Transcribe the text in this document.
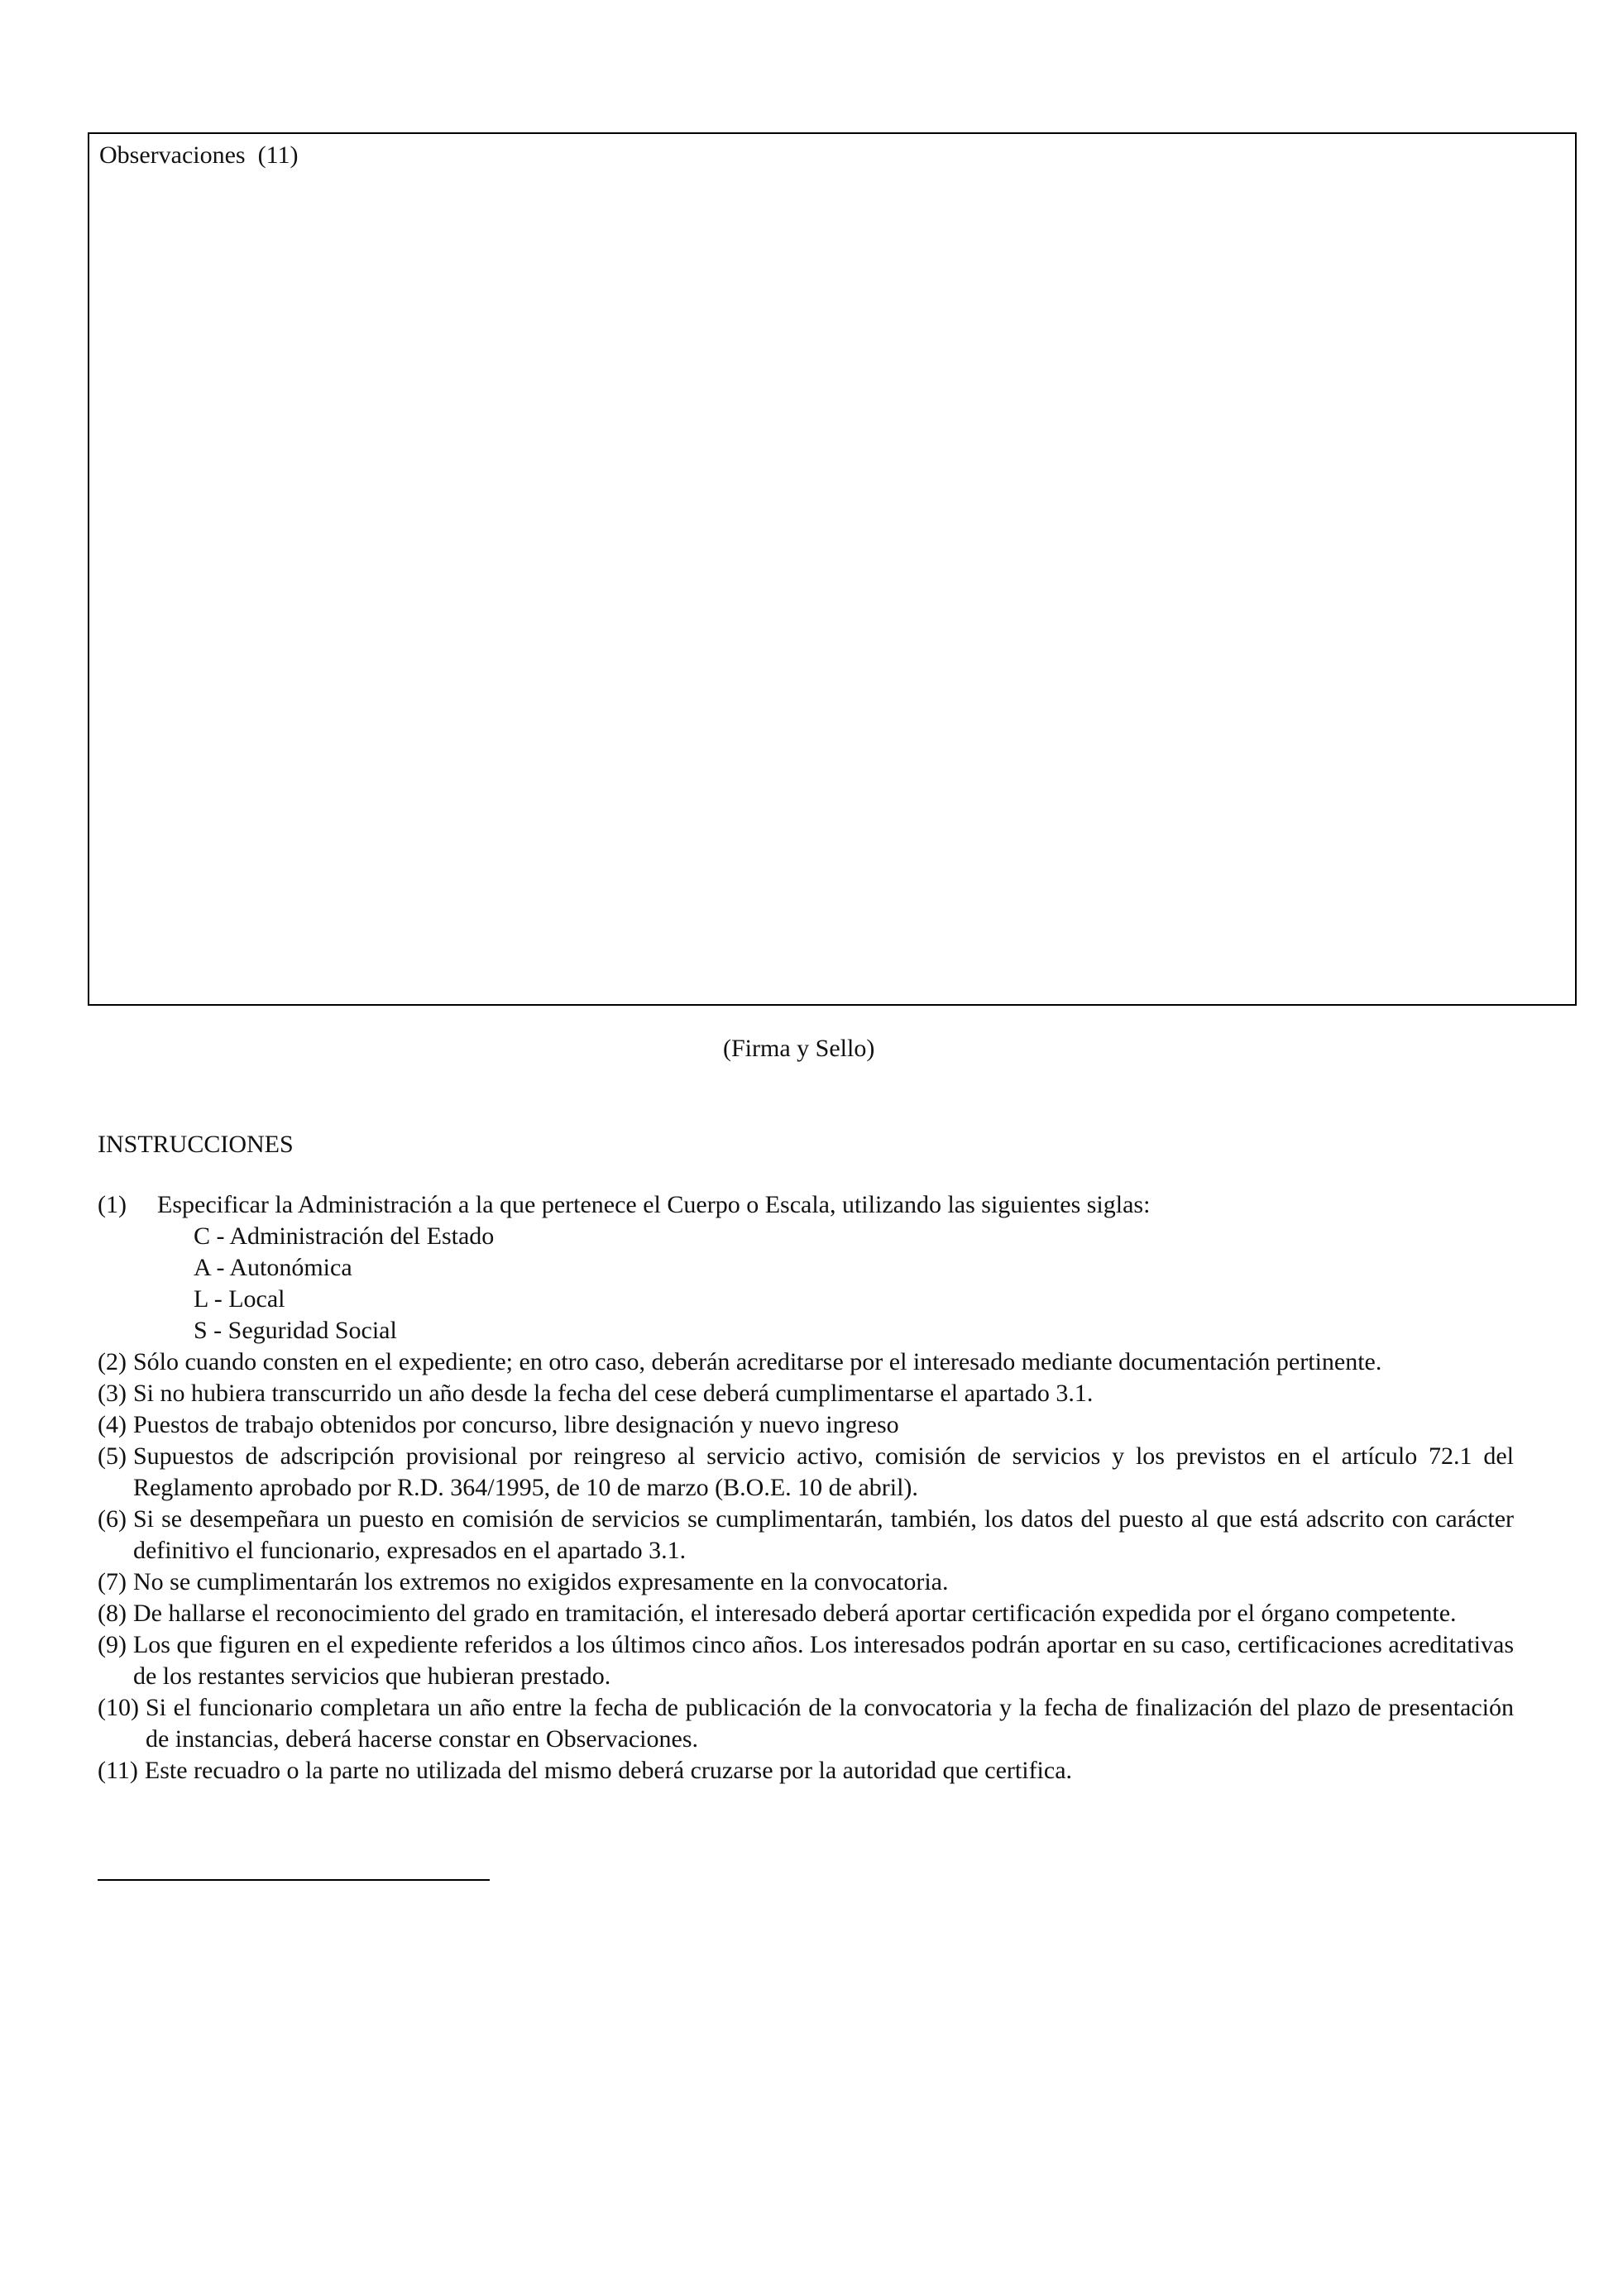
Observaciones  (11)
(Firma y Sello)
INSTRUCCIONES
(1)	Especificar la Administración a la que pertenece el Cuerpo o Escala, utilizando las siguientes siglas:
C - Administración del Estado
A - Autonómica
L - Local
S - Seguridad Social
(2) Sólo cuando consten en el expediente; en otro caso, deberán acreditarse por el interesado mediante documentación pertinente.
(3) Si no hubiera transcurrido un año desde la fecha del cese deberá cumplimentarse el apartado 3.1.
(4) Puestos de trabajo obtenidos por concurso, libre designación y nuevo ingreso
(5) Supuestos de adscripción provisional por reingreso al servicio activo, comisión de servicios y los previstos en el artículo 72.1 del Reglamento aprobado por R.D. 364/1995, de 10 de marzo (B.O.E. 10 de abril).
(6) Si se desempeñara un puesto en comisión de servicios se cumplimentarán, también, los datos del puesto al que está adscrito con carácter definitivo el funcionario, expresados en el apartado 3.1.
(7) No se cumplimentarán los extremos no exigidos expresamente en la convocatoria.
(8) De hallarse el reconocimiento del grado en tramitación, el interesado deberá aportar certificación expedida por el órgano competente.
(9) Los que figuren en el expediente referidos a los últimos cinco años. Los interesados podrán aportar en su caso, certificaciones acreditativas de los restantes servicios que hubieran prestado.
(10) Si el funcionario completara un año entre la fecha de publicación de la convocatoria y la fecha de finalización del plazo de presentación de instancias, deberá hacerse constar en Observaciones.
(11) Este recuadro o la parte no utilizada del mismo deberá cruzarse por la autoridad que certifica.
